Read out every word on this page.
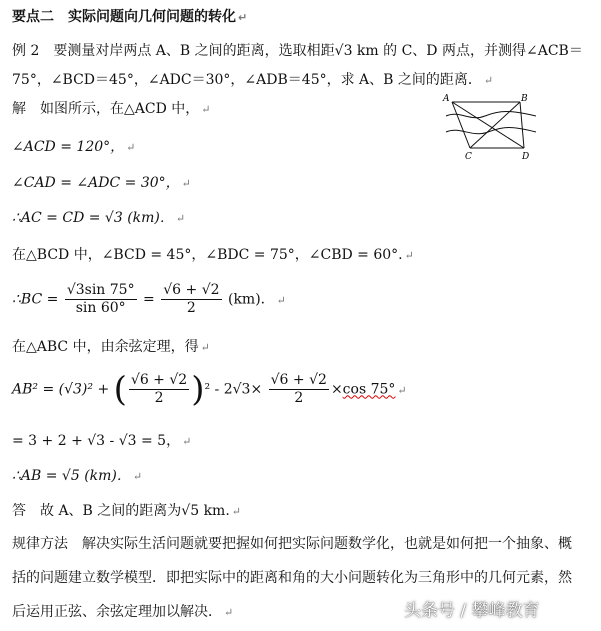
要点二　实际问题向几何问题的转化 ↵
例 2　要测量对岸两点 A、B 之间的距离，选取相距√3 km 的 C、D 两点，并测得∠ACB＝
75°，∠BCD＝45°，∠ADC＝30°，∠ADB＝45°，求 A、B 之间的距离． ↵
解　如图所示，在△ACD 中， ↵
∠ACD = 120°， ↵
∠CAD = ∠ADC = 30°， ↵
∴AC = CD = √3 (km)． ↵
在△BCD 中，∠BCD = 45°，∠BDC = 75°，∠CBD = 60°. ↵
∴BC = $\frac{√3\sin 75^\circ}{\sin 60^\circ} = \frac{√6 + √2}{2} (km)$． ↵
在△ABC 中，由余弦定理，得 ↵
AB² = (√3)² + ( $\frac{√6 + √2}{2} )^2 - 2√3\times \frac{√6 + √2}{2} \times\cos$ 75° ↵
= 3 + 2 + √3 - √3 = 5， ↵
∴AB = √5 (km)． ↵
答　故 A、B 之间的距离为√5 km. ↵
规律方法　解决实际生活问题就要把握如何把实际问题数学化，也就是如何把一个抽象、概
括的问题建立数学模型．即把实际中的距离和角的大小问题转化为三角形中的几何元素，然
后运用正弦、余弦定理加以解决． ↵
A	B
C	D
头条号 / 攀峰教育
